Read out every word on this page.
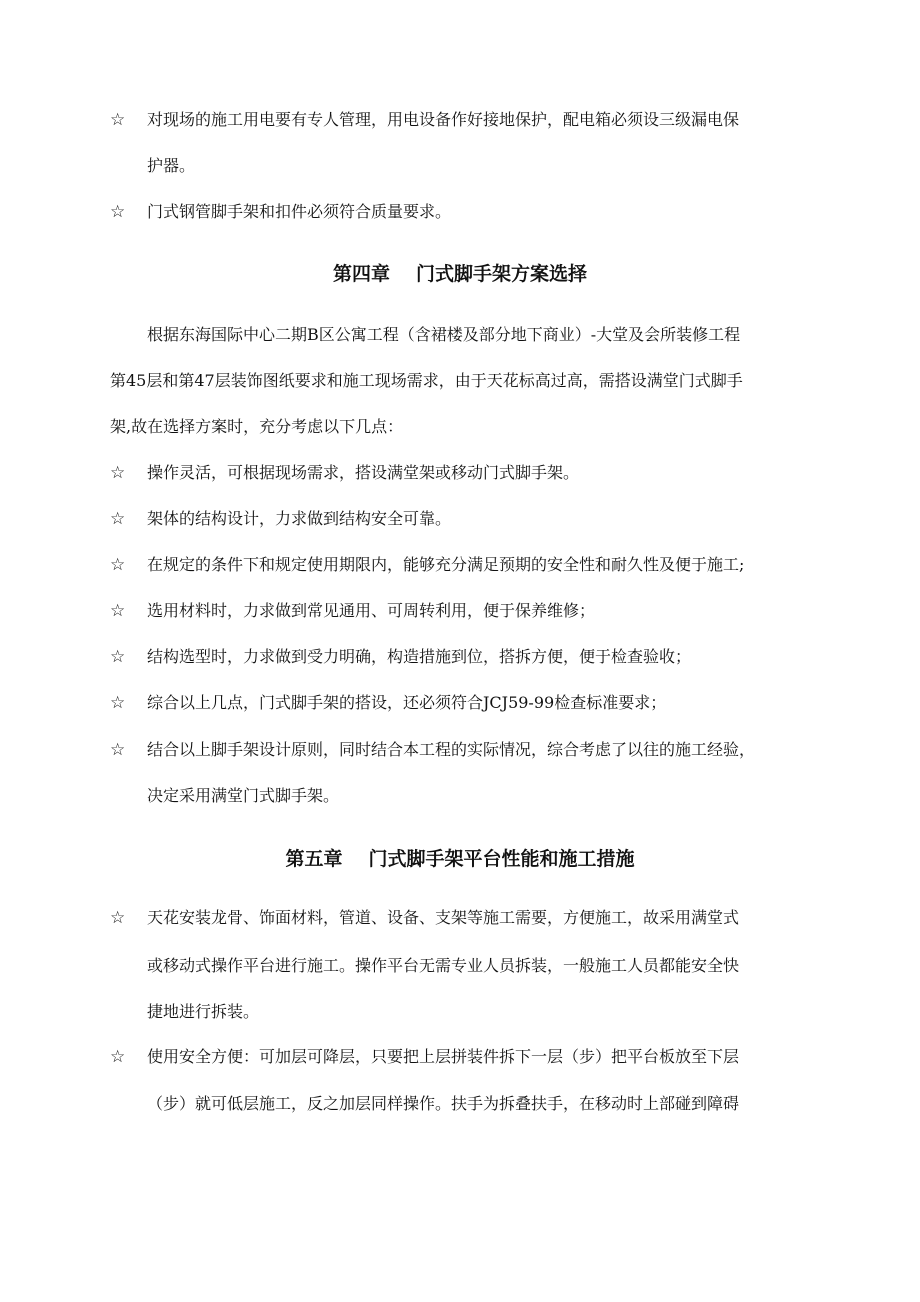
☆	对现场的施工用电要有专人管理，用电设备作好接地保护，配电箱必须设三级漏电保
护器。
☆	门式钢管脚手架和扣件必须符合质量要求。
第四章 门式脚手架方案选择
根据东海国际中心二期B区公寓工程（含裙楼及部分地下商业）-大堂及会所装修工程
第45层和第47层装饰图纸要求和施工现场需求，由于天花标高过高，需搭设满堂门式脚手
架,故在选择方案时，充分考虑以下几点：
☆	操作灵活，可根据现场需求，搭设满堂架或移动门式脚手架。
☆	架体的结构设计，力求做到结构安全可靠。
☆	在规定的条件下和规定使用期限内，能够充分满足预期的安全性和耐久性及便于施工;
☆	选用材料时，力求做到常见通用、可周转利用，便于保养维修；
☆	结构选型时，力求做到受力明确，构造措施到位，搭拆方便，便于检查验收；
☆	综合以上几点，门式脚手架的搭设，还必须符合JCJ59-99检查标准要求；
☆	结合以上脚手架设计原则，同时结合本工程的实际情况，综合考虑了以往的施工经验，
决定采用满堂门式脚手架。
第五章 门式脚手架平台性能和施工措施
☆	天花安装龙骨、饰面材料，管道、设备、支架等施工需要，方便施工，故采用满堂式
或移动式操作平台进行施工。操作平台无需专业人员拆装，一般施工人员都能安全快
捷地进行拆装。
☆	使用安全方便：可加层可降层，只要把上层拼装件拆下一层（步）把平台板放至下层
（步）就可低层施工，反之加层同样操作。扶手为拆叠扶手，在移动时上部碰到障碍
